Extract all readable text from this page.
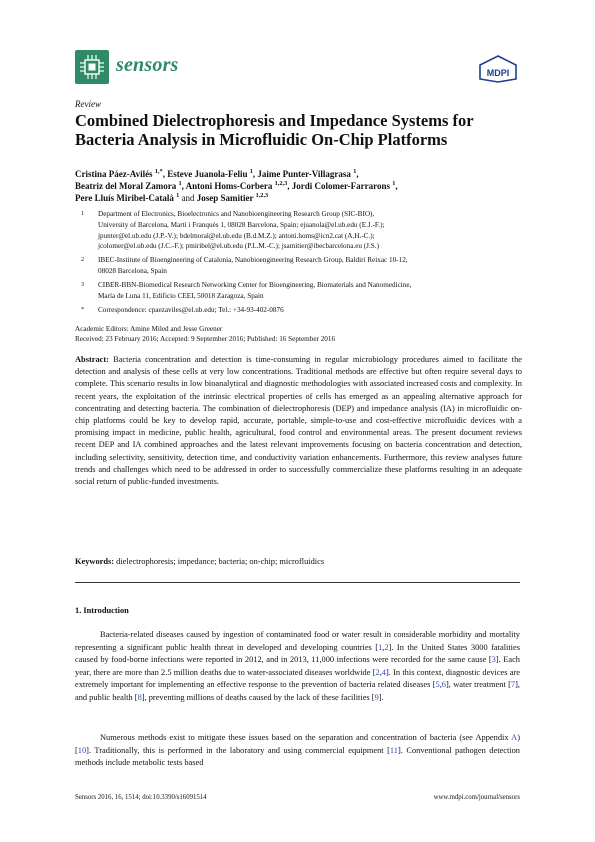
sensors	MDPI
Review
Combined Dielectrophoresis and Impedance Systems for Bacteria Analysis in Microfluidic On-Chip Platforms
Cristina Páez-Avilés $^{1,*}$, Esteve Juanola-Feliu $^1$, Jaime Punter-Villagrasa $^1$,
Beatriz del Moral Zamora $^1$, Antoni Homs-Corbera $^{1,2,3}$, Jordi Colomer-Farrarons $^1$,
Pere Lluís Miribel-Català $^1$ and Josep Samitier $^{1,2,3}$
1 Department of Electronics, Bioelectronics and Nanobioengineering Research Group (SIC-BIO),
University of Barcelona, Martí i Franquès 1, 08028 Barcelona, Spain; ejuanola@el.ub.edu (E.J.-F.);
jpunter@el.ub.edu (J.P.-V.); bdelmoral@el.ub.edu (B.d.M.Z.); antoni.homs@icn2.cat (A.H.-C.);
jcolomer@el.ub.edu (J.C.-F.); pmiribel@el.ub.edu (P.L.M.-C.); jsamitier@ibecbarcelona.eu (J.S.)
2 IBEC-Institute of Bioengineering of Catalonia, Nanobioengineering Research Group, Baldiri Reixac 10-12,
08028 Barcelona, Spain
3 CIBER-BBN-Biomedical Research Networking Center for Bioengineering, Biomaterials and Nanomedicine,
María de Luna 11, Edificio CEEI, 50018 Zaragoza, Spain
* Correspondence: cpaezaviles@el.ub.edu; Tel.: +34-93-402-0876
Academic Editors: Amine Miled and Jesse Greener
Received: 23 February 2016; Accepted: 9 September 2016; Published: 16 September 2016
Abstract: Bacteria concentration and detection is time-consuming in regular microbiology procedures aimed to facilitate the detection and analysis of these cells at very low concentrations. Traditional methods are effective but often require several days to complete. This scenario results in low bioanalytical and diagnostic methodologies with associated increased costs and complexity. In recent years, the exploitation of the intrinsic electrical properties of cells has emerged as an appealing alternative approach for concentrating and detecting bacteria. The combination of dielectrophoresis (DEP) and impedance analysis (IA) in microfluidic on-chip platforms could be key to develop rapid, accurate, portable, simple-to-use and cost-effective microfluidic devices with a promising impact in medicine, public health, agricultural, food control and environmental areas. The present document reviews recent DEP and IA combined approaches and the latest relevant improvements focusing on bacteria concentration and detection, including selectivity, sensitivity, detection time, and conductivity variation enhancements. Furthermore, this review analyses future trends and challenges which need to be addressed in order to successfully commercialize these platforms resulting in an adequate social return of public-funded investments.
Keywords: dielectrophoresis; impedance; bacteria; on-chip; microfluidics
1. Introduction
Bacteria-related diseases caused by ingestion of contaminated food or water result in considerable morbidity and mortality representing a significant public health threat in developed and developing countries [1,2]. In the United States 3000 fatalities caused by food-borne infections were reported in 2012, and in 2013, 11,000 infections were recorded for the same cause [3]. Each year, there are more than 2.5 million deaths due to water-associated diseases worldwide [2,4]. In this context, diagnostic devices are extremely important for implementing an effective response to the prevention of bacteria related diseases [5,6], water treatment [7], and public health [8], preventing millions of deaths caused by the lack of these facilities [9].
Numerous methods exist to mitigate these issues based on the separation and concentration of bacteria (see Appendix A) [10]. Traditionally, this is performed in the laboratory and using commercial equipment [11]. Conventional pathogen detection methods include metabolic tests based
Sensors 2016, 16, 1514; doi:10.3390/s16091514	www.mdpi.com/journal/sensors
